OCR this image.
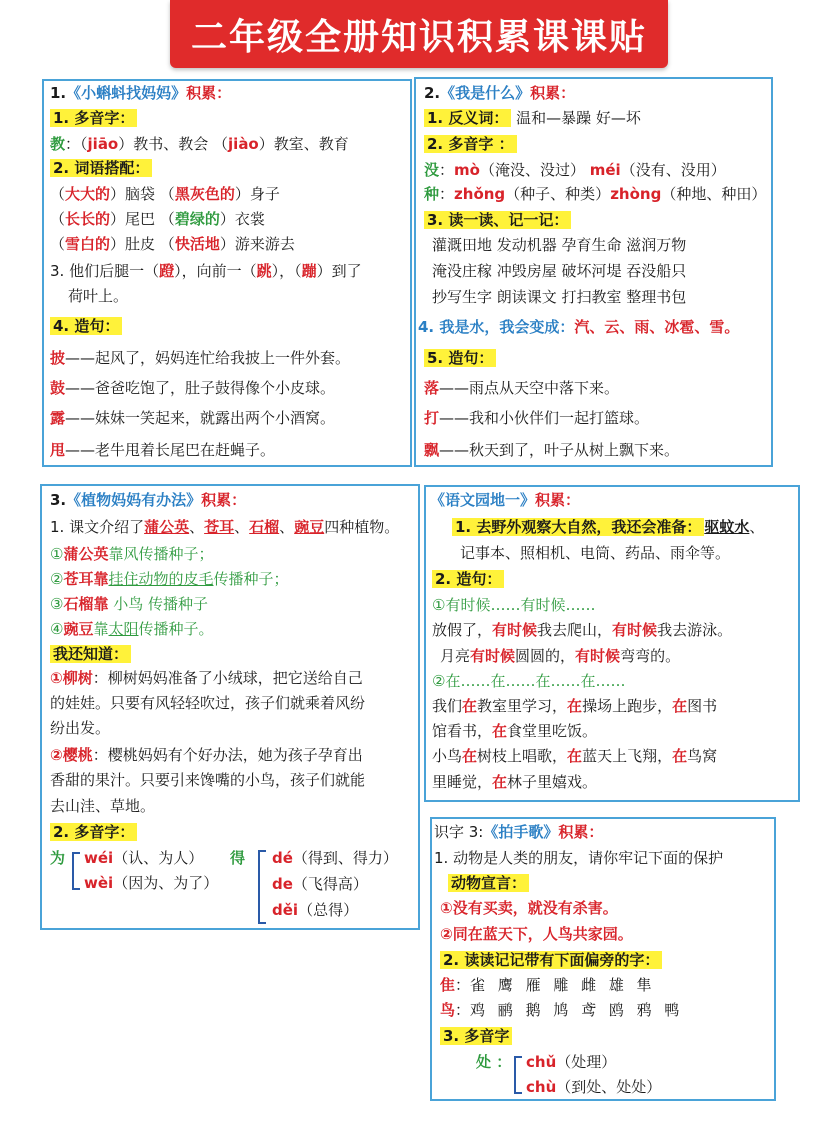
二年级全册知识积累课课贴
1.《小蝌蚪找妈妈》积累：
1. 多音字：
教：（jiāo）教书、教会 （jiào）教室、教育
2. 词语搭配：
（大大的）脑袋 （黑灰色的）身子
（长长的）尾巴 （碧绿的）衣裳
（雪白的）肚皮 （快活地）游来游去
3. 他们后腿一（蹬），向前一（跳），（蹦）到了
荷叶上。
4. 造句：
披——起风了，妈妈连忙给我披上一件外套。
鼓——爸爸吃饱了，肚子鼓得像个小皮球。
露——妹妹一笑起来，就露出两个小酒窝。
甩——老牛甩着长尾巴在赶蝇子。
2.《我是什么》积累：
1. 反义词： 温和—暴躁 好—坏
2. 多音字 ：
没：mò（淹没、没过） méi（没有、没用）
种：zhǒng（种子、种类）zhòng（种地、种田）
3. 读一读、记一记：
灌溉田地 发动机器 孕育生命 滋润万物
淹没庄稼 冲毁房屋 破坏河堤 吞没船只
抄写生字 朗读课文 打扫教室 整理书包
4. 我是水，我会变成：汽、云、雨、冰雹、雪。
5. 造句：
落——雨点从天空中落下来。
打——我和小伙伴们一起打篮球。
飘——秋天到了，叶子从树上飘下来。
3.《植物妈妈有办法》积累：
1. 课文介绍了蒲公英、苍耳、石榴、豌豆四种植物。
①蒲公英靠风传播种子；
②苍耳靠挂住动物的皮毛传播种子；
③石榴靠 小鸟 传播种子
④豌豆靠太阳传播种子。
我还知道：
①柳树：柳树妈妈准备了小绒球，把它送给自己
的娃娃。只要有风轻轻吹过，孩子们就乘着风纷
纷出发。
②樱桃：樱桃妈妈有个好办法，她为孩子孕育出
香甜的果汁。只要引来馋嘴的小鸟，孩子们就能
去山洼、草地。
2. 多音字：
为 wéi（认、为人）
wèi（因为、为了）
得 dé（得到、得力）
de（飞得高）
děi（总得）
《语文园地一》积累：
1. 去野外观察大自然，我还会准备： 驱蚊水、
记事本、照相机、电筒、药品、雨伞等。
2. 造句：
①有时候……有时候……
放假了，有时候我去爬山，有时候我去游泳。
月亮有时候圆圆的，有时候弯弯的。
②在……在……在……在……
我们在教室里学习，在操场上跑步，在图书
馆看书，在食堂里吃饭。
小鸟在树枝上唱歌，在蓝天上飞翔，在鸟窝
里睡觉，在林子里嬉戏。
识字 3:《拍手歌》积累：
1. 动物是人类的朋友，请你牢记下面的保护
动物宣言：
①没有买卖，就没有杀害。
②同在蓝天下，人鸟共家园。
2. 读读记记带有下面偏旁的字：
隹：雀 鹰 雁 雕 雌 雄 隼
鸟：鸡 鹂 鹅 鸠 鸢 鸥 鸦 鸭
3. 多音字
处 ： chǔ（处理）
chù（到处、处处）
